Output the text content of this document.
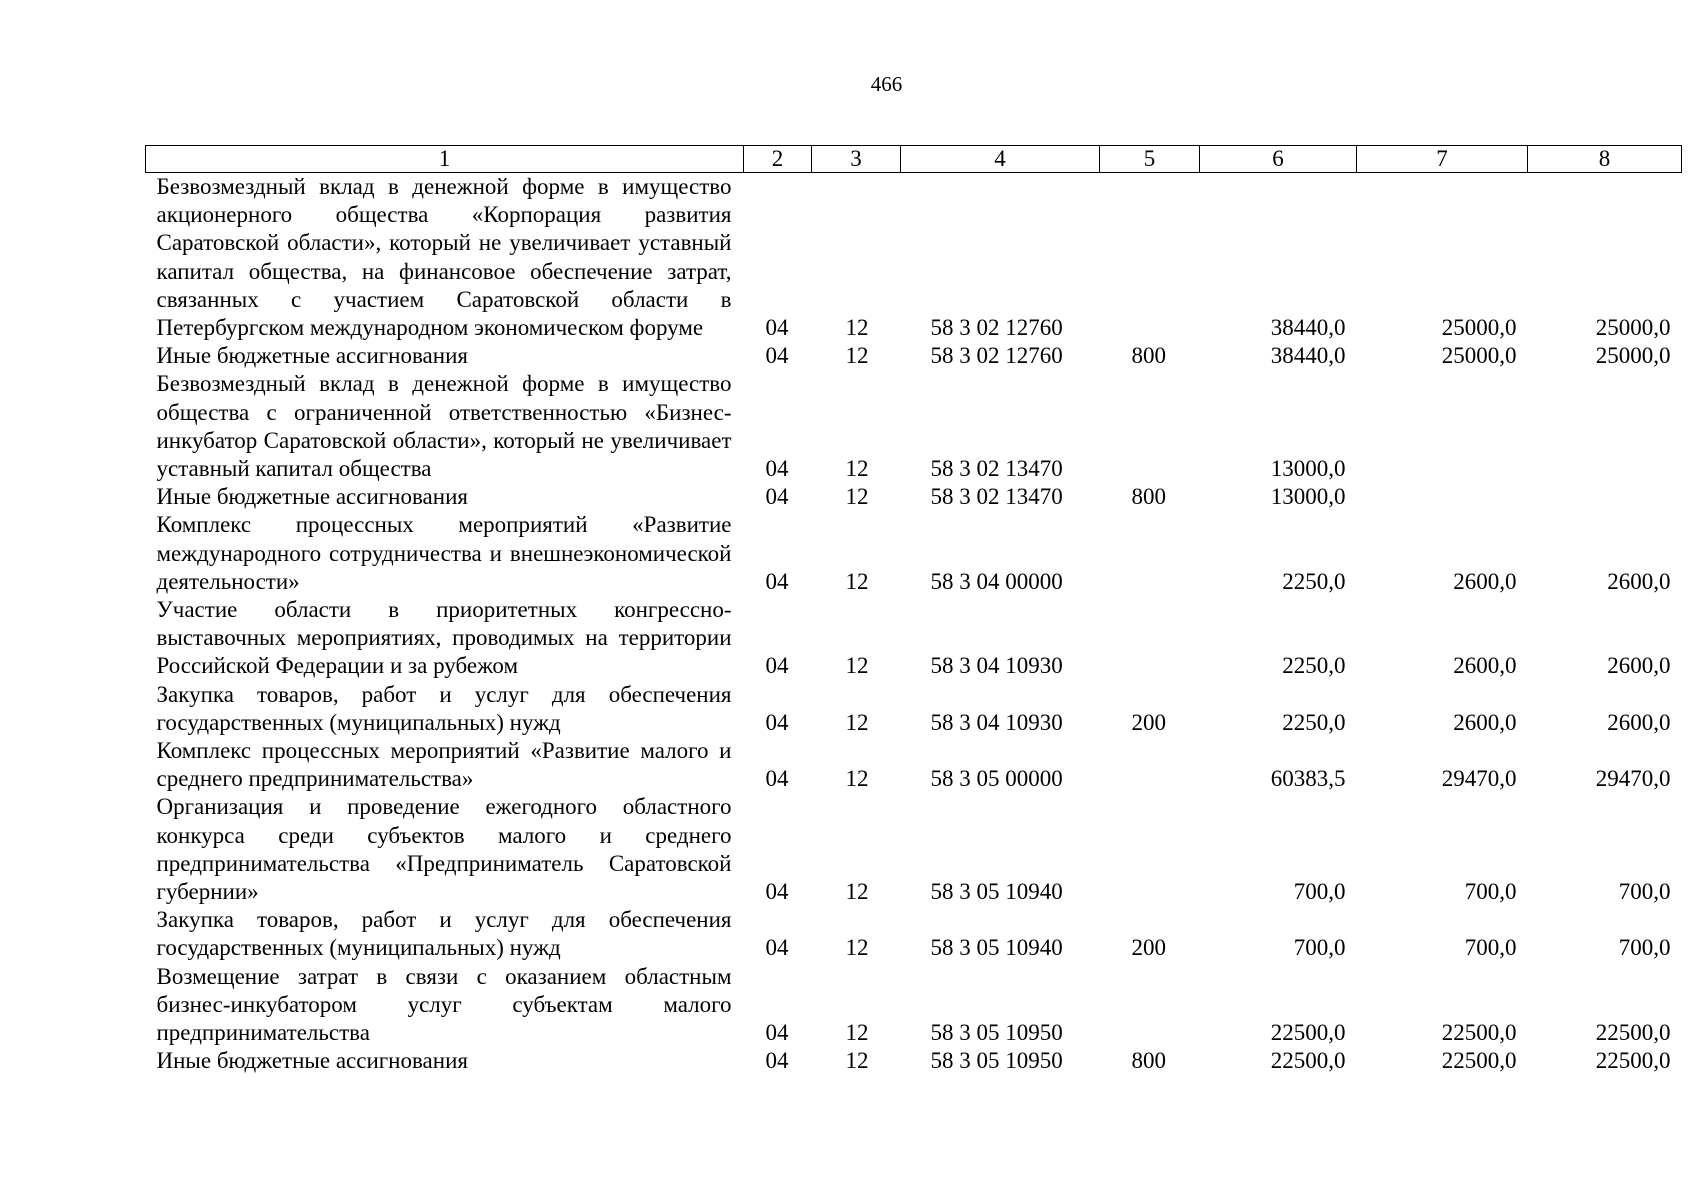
466
1	2	3	4	5	6	7	8
Безвозмездный вклад в денежной форме в имущество акционерного общества «Корпорация развития Саратовской области», который не увеличивает уставный капитал общества, на финансовое обеспечение затрат, связанных с участием Саратовской области в Петербургском международном экономическом форуме	04	12	58 3 02 12760		38440,0	25000,0	25000,0
Иные бюджетные ассигнования	04	12	58 3 02 12760	800	38440,0	25000,0	25000,0
Безвозмездный вклад в денежной форме в имущество общества с ограниченной ответственностью «Бизнес-инкубатор Саратовской области», который не увеличивает уставный капитал общества	04	12	58 3 02 13470		13000,0		
Иные бюджетные ассигнования	04	12	58 3 02 13470	800	13000,0		
Комплекс процессных мероприятий «Развитие международного сотрудничества и внешнеэкономической деятельности»	04	12	58 3 04 00000		2250,0	2600,0	2600,0
Участие области в приоритетных конгрессно-выставочных мероприятиях, проводимых на территории Российской Федерации и за рубежом	04	12	58 3 04 10930		2250,0	2600,0	2600,0
Закупка товаров, работ и услуг для обеспечения государственных (муниципальных) нужд	04	12	58 3 04 10930	200	2250,0	2600,0	2600,0
Комплекс процессных мероприятий «Развитие малого и среднего предпринимательства»	04	12	58 3 05 00000		60383,5	29470,0	29470,0
Организация и проведение ежегодного областного конкурса среди субъектов малого и среднего предпринимательства «Предприниматель Саратовской губернии»	04	12	58 3 05 10940		700,0	700,0	700,0
Закупка товаров, работ и услуг для обеспечения государственных (муниципальных) нужд	04	12	58 3 05 10940	200	700,0	700,0	700,0
Возмещение затрат в связи с оказанием областным бизнес-инкубатором услуг субъектам малого предпринимательства	04	12	58 3 05 10950		22500,0	22500,0	22500,0
Иные бюджетные ассигнования	04	12	58 3 05 10950	800	22500,0	22500,0	22500,0
